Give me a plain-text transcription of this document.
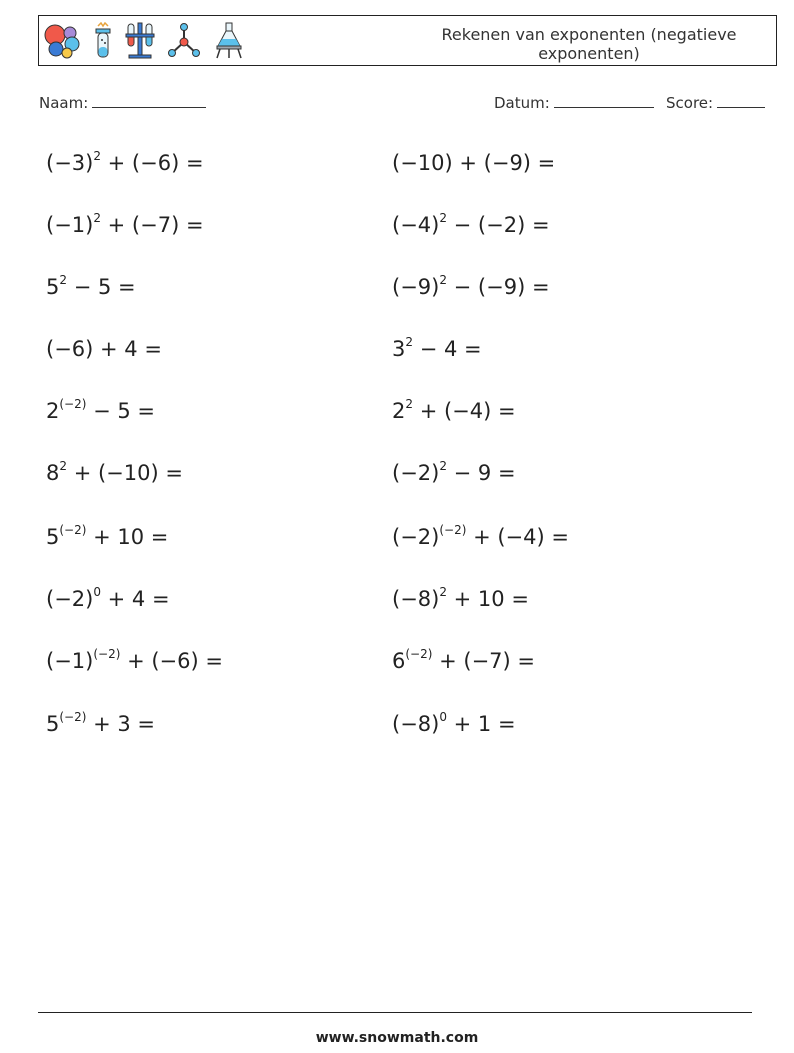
Rekenen van exponenten (negatieve exponenten)
Naam:	Datum:	Score:
$(-3)^2 + (-6)$ =	(−10) + (−9) =
$(-1)^2 + (-7)$ =	$(-4)^2 - (-2)$ =
$5^2 - 5$ =	$(-9)^2 - (-9)$ =
(−6) + 4 =	$3^2 - 4$ =
$2^{(-2)} - 5$ =	$2^2 + (-4)$ =
$8^2 + (-10)$ =	$(-2)^2 - 9$ =
$5^{(-2)} + 10$ =	$(-2)^{(-2)} + (-4)$ =
$(-2)^0 + 4$ =	$(-8)^2 + 10$ =
$(-1)^{(-2)} + (-6)$ =	$6^{(-2)} + (-7)$ =
$5^{(-2)} + 3$ =	$(-8)^0 + 1$ =
www.snowmath.com
